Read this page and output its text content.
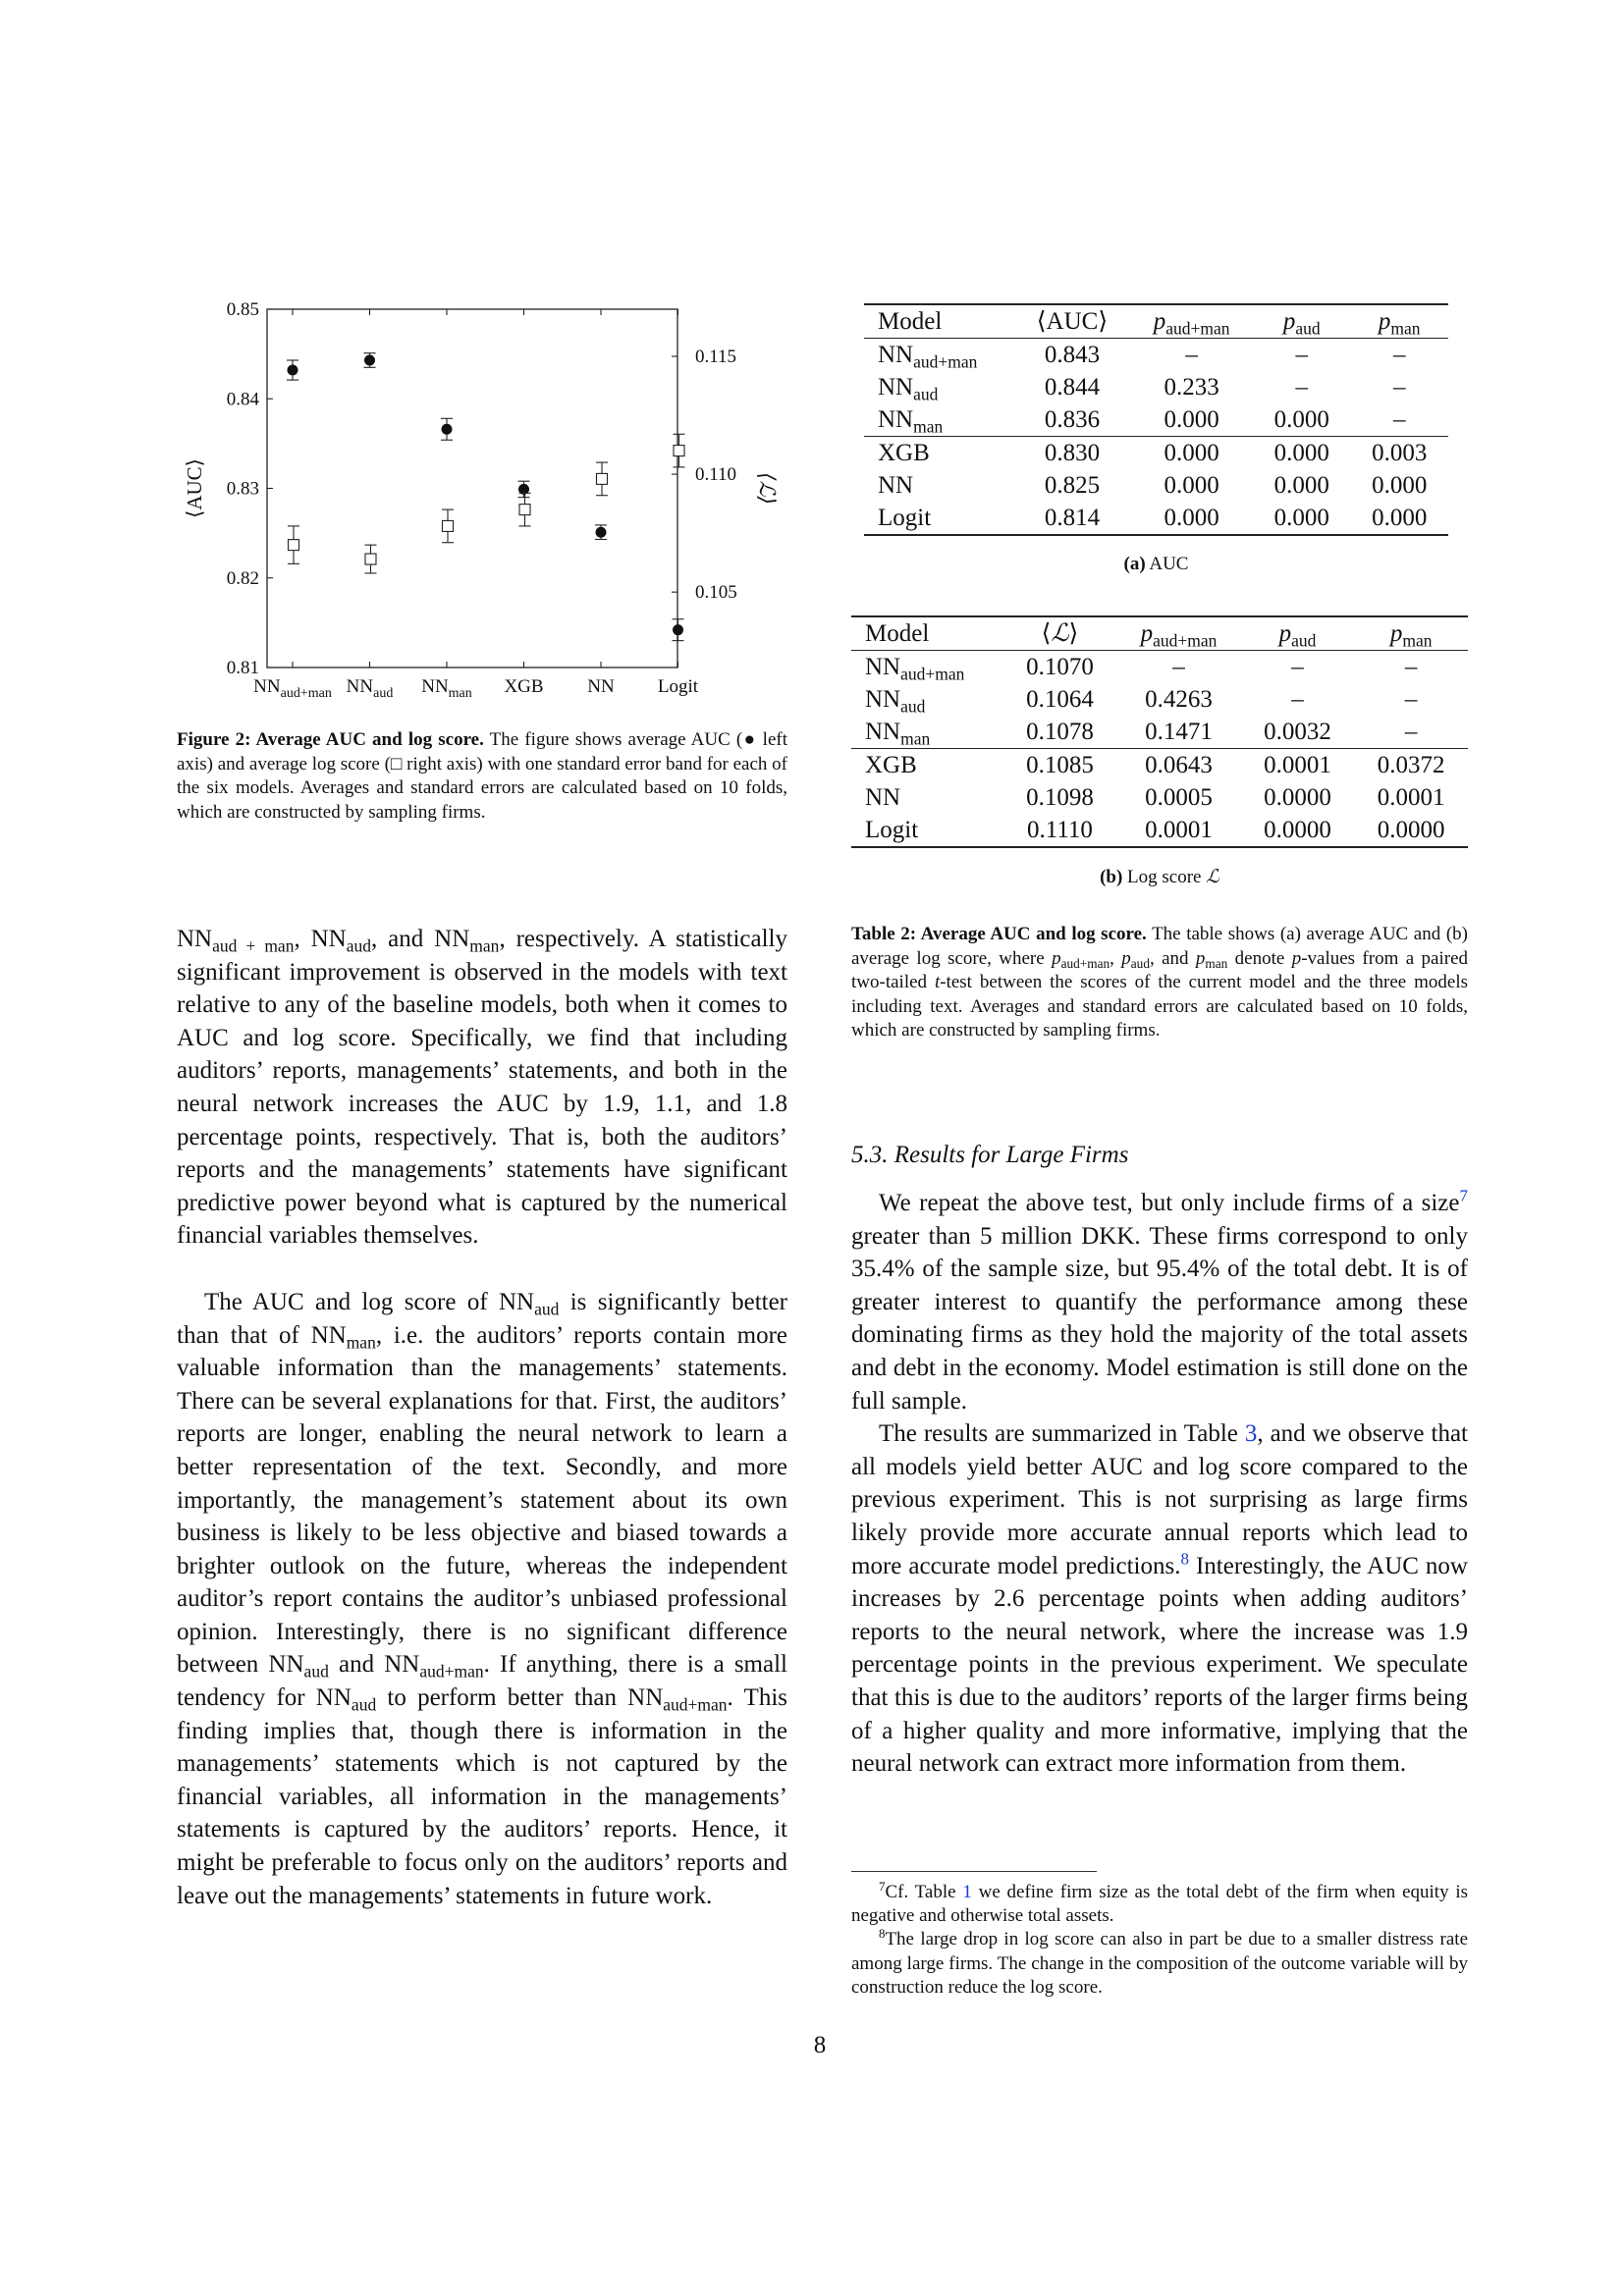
0.81
0.82
0.83
0.84
0.85
0.105
0.110
0.115
$NN_{aud+man}$ $NN_{aud}$ $NN_{man}$ XGB NN Logit
⟨AUC⟩	⟨ℒ⟩

Figure 2: Average AUC and log score. The figure shows average AUC (● left axis) and average log score (□ right axis) with one standard error band for each of the six models. Averages and standard errors are calculated based on 10 folds, which are constructed by sampling firms.

$NN_{aud + man}$, $NN_{aud}$, and $NN_{man}$, respectively. A statistically significant improvement is observed in the models with text relative to any of the baseline models, both when it comes to AUC and log score. Specifically, we find that including auditors’ reports, managements’ statements, and both in the neural network increases the AUC by 1.9, 1.1, and 1.8 percentage points, respectively. That is, both the auditors’ reports and the managements’ statements have significant predictive power beyond what is captured by the numerical financial variables themselves.

The AUC and log score of $NN_{aud}$ is significantly better than that of $NN_{man}$, i.e. the auditors’ reports contain more valuable information than the managements’ statements. There can be several explanations for that. First, the auditors’ reports are longer, enabling the neural network to learn a better representation of the text. Secondly, and more importantly, the management’s statement about its own business is likely to be less objective and biased towards a brighter outlook on the future, whereas the independent auditor’s report contains the auditor’s unbiased professional opinion. Interestingly, there is no significant difference between $NN_{aud}$ and $NN_{aud+man}$. If anything, there is a small tendency for $NN_{aud}$ to perform better than $NN_{aud+man}$. This finding implies that, though there is information in the managements’ statements which is not captured by the financial variables, all information in the managements’ statements is captured by the auditors’ reports. Hence, it might be preferable to focus only on the auditors’ reports and leave out the managements’ statements in future work.

Model	⟨AUC⟩	$p_{aud+man}$	$p_{aud}$	$p_{man}$
$NN_{aud+man}$	0.843	–	–	–
$NN_{aud}$	0.844	0.233	–	–
$NN_{man}$	0.836	0.000	0.000	–
XGB	0.830	0.000	0.000	0.003
NN	0.825	0.000	0.000	0.000
Logit	0.814	0.000	0.000	0.000
(a) AUC
Model	⟨ℒ⟩	$p_{aud+man}$	$p_{aud}$	$p_{man}$
$NN_{aud+man}$	0.1070	–	–	–
$NN_{aud}$	0.1064	0.4263	–	–
$NN_{man}$	0.1078	0.1471	0.0032	–
XGB	0.1085	0.0643	0.0001	0.0372
NN	0.1098	0.0005	0.0000	0.0001
Logit	0.1110	0.0001	0.0000	0.0000
(b) Log score ℒ

Table 2: Average AUC and log score. The table shows (a) average AUC and (b) average log score, where $p_{aud+man}$, $p_{aud}$, and $p_{man}$ denote p-values from a paired two-tailed t-test between the scores of the current model and the three models including text. Averages and standard errors are calculated based on 10 folds, which are constructed by sampling firms.

5.3. Results for Large Firms

We repeat the above test, but only include firms of a size$^7$ greater than 5 million DKK. These firms correspond to only 35.4% of the sample size, but 95.4% of the total debt. It is of greater interest to quantify the performance among these dominating firms as they hold the majority of the total assets and debt in the economy. Model estimation is still done on the full sample.

The results are summarized in Table 3, and we observe that all models yield better AUC and log score compared to the previous experiment. This is not surprising as large firms likely provide more accurate annual reports which lead to more accurate model predictions.$^8$ Interestingly, the AUC now increases by 2.6 percentage points when adding auditors’ reports to the neural network, where the increase was 1.9 percentage points in the previous experiment. We speculate that this is due to the auditors’ reports of the larger firms being of a higher quality and more informative, implying that the neural network can extract more information from them.

$^7$Cf. Table 1 we define firm size as the total debt of the firm when equity is negative and otherwise total assets.

$^8$The large drop in log score can also in part be due to a smaller distress rate among large firms. The change in the composition of the outcome variable will by construction reduce the log score.

8
